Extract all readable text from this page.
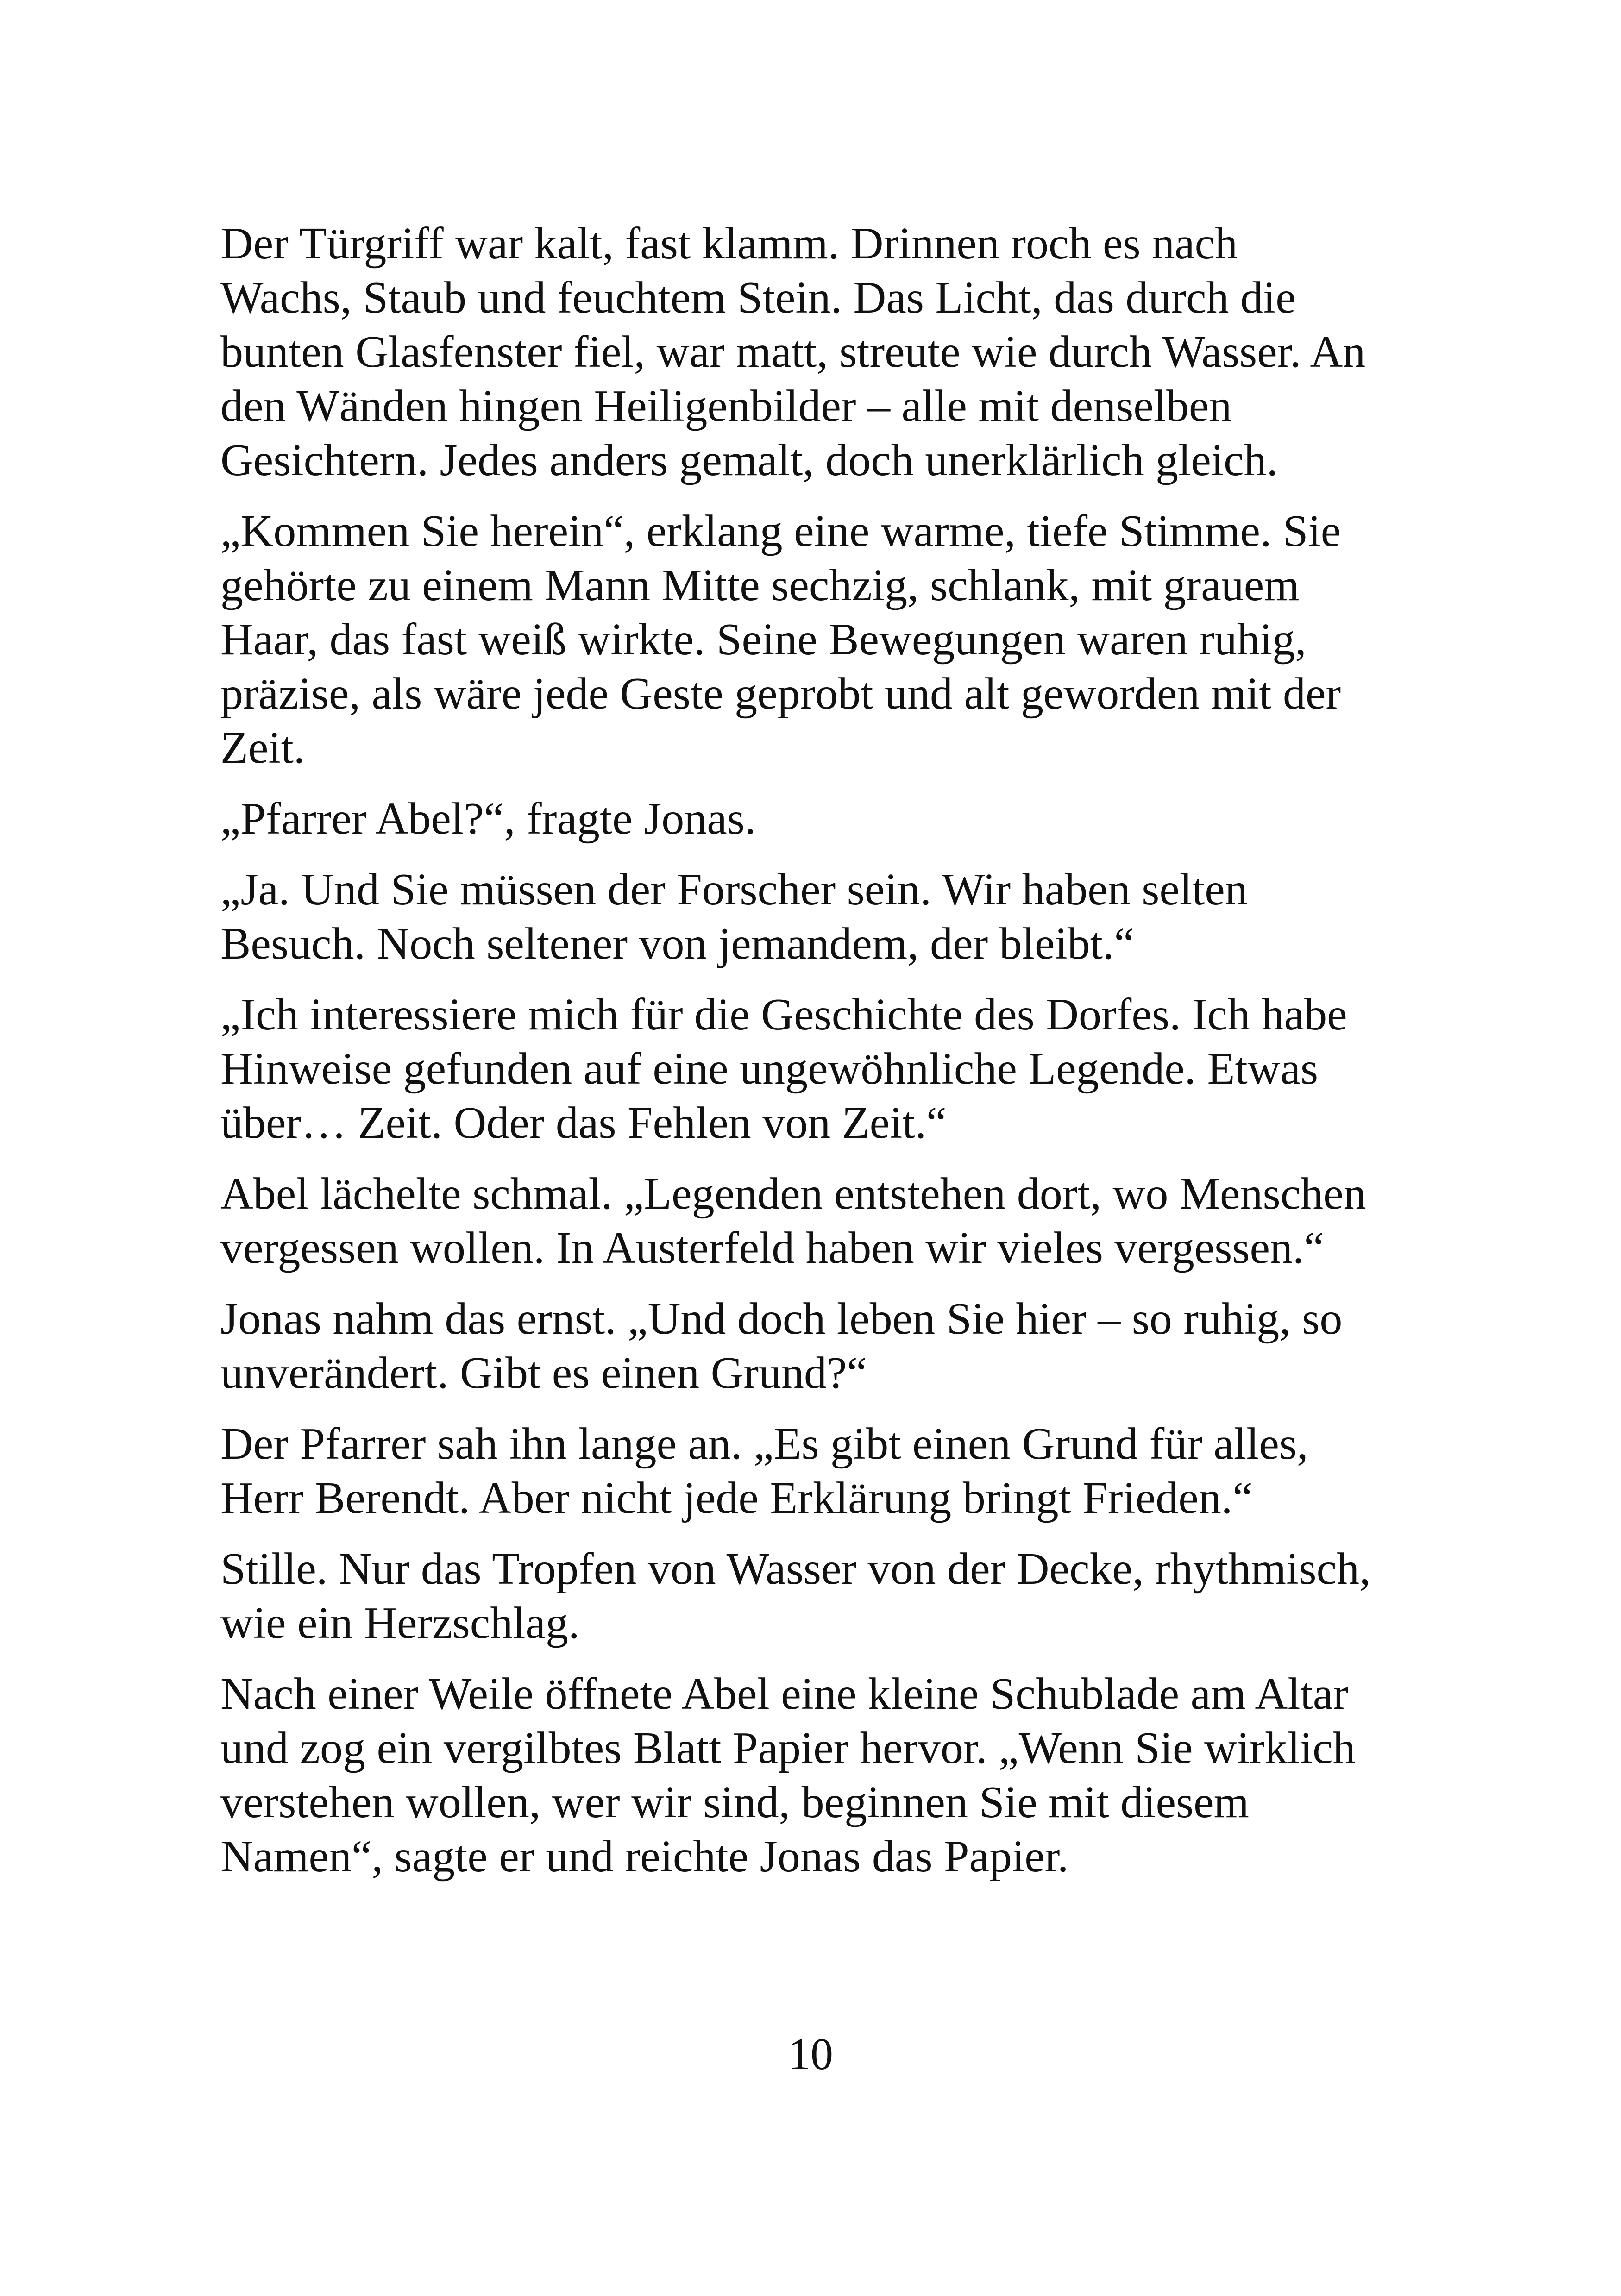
Der Türgriff war kalt, fast klamm. Drinnen roch es nach
Wachs, Staub und feuchtem Stein. Das Licht, das durch die
bunten Glasfenster fiel, war matt, streute wie durch Wasser. An
den Wänden hingen Heiligenbilder – alle mit denselben
Gesichtern. Jedes anders gemalt, doch unerklärlich gleich.

„Kommen Sie herein“, erklang eine warme, tiefe Stimme. Sie
gehörte zu einem Mann Mitte sechzig, schlank, mit grauem
Haar, das fast weiß wirkte. Seine Bewegungen waren ruhig,
präzise, als wäre jede Geste geprobt und alt geworden mit der
Zeit.

„Pfarrer Abel?“, fragte Jonas.

„Ja. Und Sie müssen der Forscher sein. Wir haben selten
Besuch. Noch seltener von jemandem, der bleibt.“

„Ich interessiere mich für die Geschichte des Dorfes. Ich habe
Hinweise gefunden auf eine ungewöhnliche Legende. Etwas
über… Zeit. Oder das Fehlen von Zeit.“

Abel lächelte schmal. „Legenden entstehen dort, wo Menschen
vergessen wollen. In Austerfeld haben wir vieles vergessen.“

Jonas nahm das ernst. „Und doch leben Sie hier – so ruhig, so
unverändert. Gibt es einen Grund?“

Der Pfarrer sah ihn lange an. „Es gibt einen Grund für alles,
Herr Berendt. Aber nicht jede Erklärung bringt Frieden.“

Stille. Nur das Tropfen von Wasser von der Decke, rhythmisch,
wie ein Herzschlag.

Nach einer Weile öffnete Abel eine kleine Schublade am Altar
und zog ein vergilbtes Blatt Papier hervor. „Wenn Sie wirklich
verstehen wollen, wer wir sind, beginnen Sie mit diesem
Namen“, sagte er und reichte Jonas das Papier.

10
